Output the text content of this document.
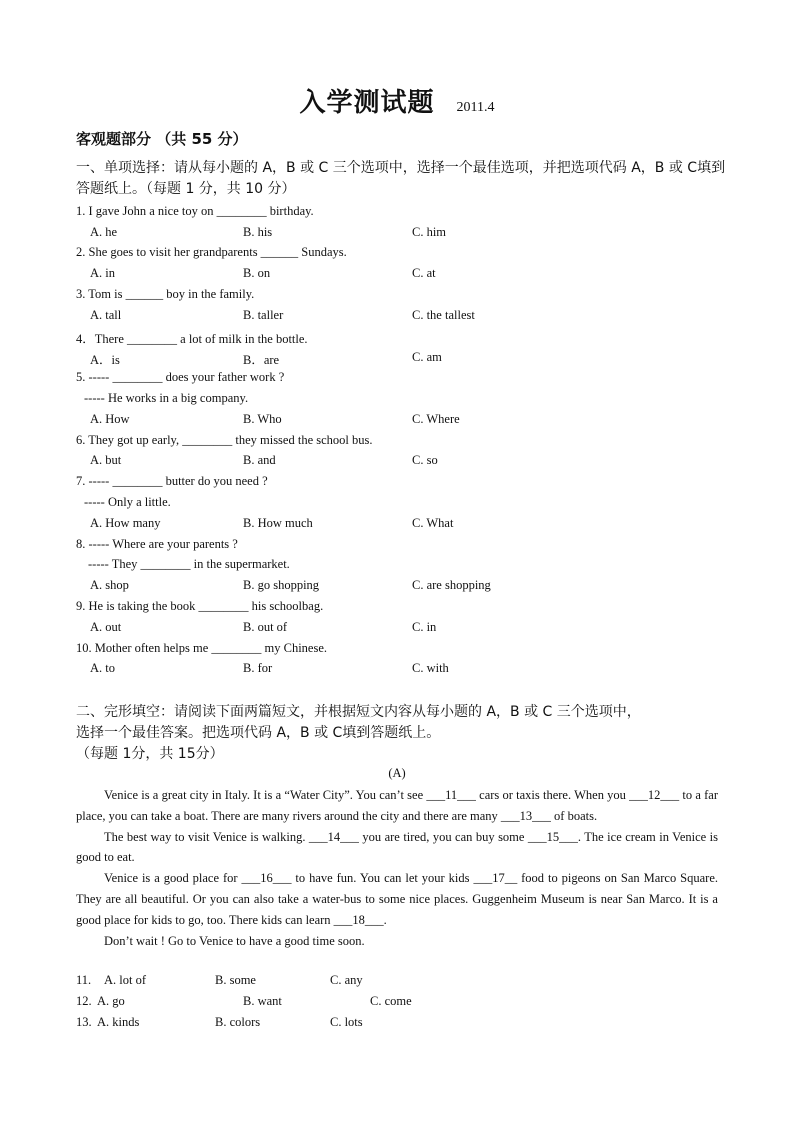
入学测试题 2011.4
客观题部分 （共 55 分）
一、单项选择：请从每小题的 A，B 或 C 三个选项中，选择一个最佳选项，并把选项代码 A，B 或 C填到答题纸上。（每题 1 分，共 10 分）
1. I gave John a nice toy on ________ birthday.
A. he	B. his	C. him
2. She goes to visit her grandparents ______ Sundays.
A. in	B. on	C. at
3. Tom is ______ boy in the family.
A. tall	B. taller	C. the tallest
4．There ________ a lot of milk in the bottle.
A．is	B．are	C. am
5. ----- ________ does your father work ?
----- He works in a big company.
A. How	B. Who	C. Where
6. They got up early, ________ they missed the school bus.
A. but	B. and	C. so
7. ----- ________ butter do you need ?
----- Only a little.
A. How many	B. How much	C. What
8. ----- Where are your parents ?
----- They ________ in the supermarket.
A. shop	B. go shopping	C. are shopping
9. He is taking the book ________ his schoolbag.
A. out	B. out of	C. in
10. Mother often helps me ________ my Chinese.
A. to	B. for	C. with
二、完形填空：请阅读下面两篇短文，并根据短文内容从每小题的 A，B 或 C 三个选项中，
选择一个最佳答案。把选项代码 A，B 或 C填到答题纸上。
（每题 1分，共 15分）
(A)

Venice is a great city in Italy. It is a “Water City”. You can’t see ___11___ cars or taxis there. When you ___12___ to a far place, you can take a boat. There are many rivers around the city and there are many ___13___ of boats.

The best way to visit Venice is walking. ___14___ you are tired, you can buy some ___15___. The ice cream in Venice is good to eat.

Venice is a good place for ___16___ to have fun. You can let your kids ___17__ food to pigeons on San Marco Square. They are all beautiful. Or you can also take a water-bus to some nice places. Guggenheim Museum is near San Marco. It is a good place for kids to go, too. There kids can learn ___18___.

Don’t wait ! Go to Venice to have a good time soon.

11. A. lot of	B. some	C. any
12. A. go	B. want	C. come
13. A. kinds	B. colors	C. lots
